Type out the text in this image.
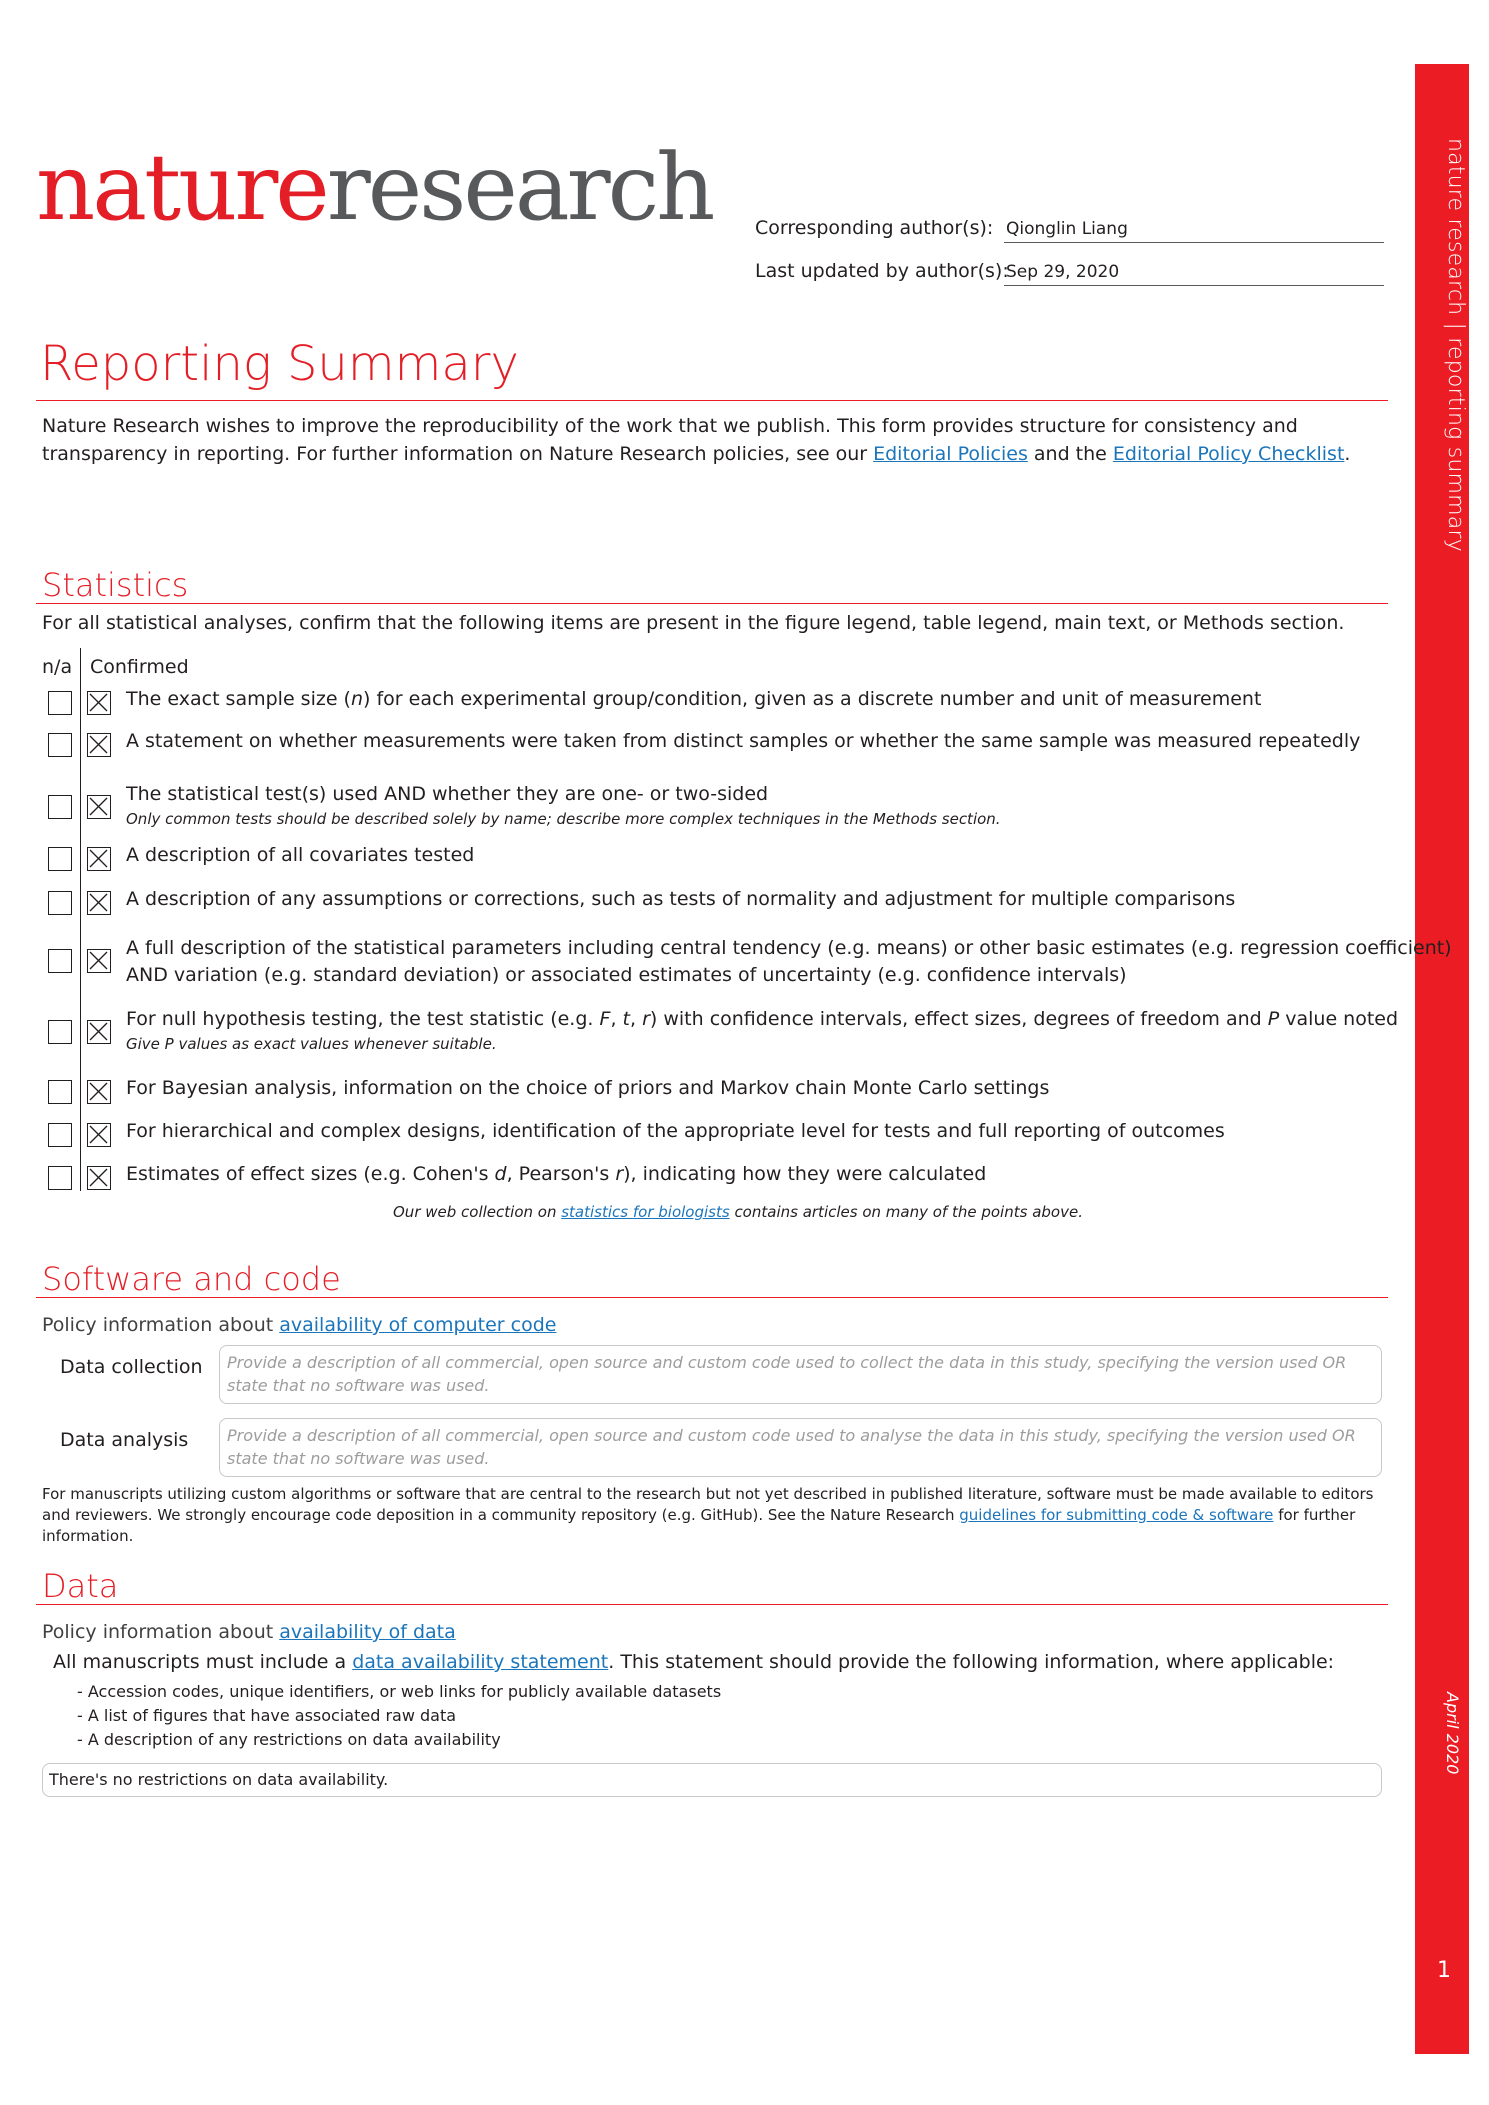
nature research | reporting summary
April 2020
1
natureresearch Corresponding author(s): Qionglin Liang
Last updated by author(s):
Sep 29, 2020
Reporting Summary
Nature Research wishes to improve the reproducibility of the work that we publish. This form provides structure for consistency and transparency in reporting. For further information on Nature Research policies, see our Editorial Policies and the Editorial Policy Checklist.
Statistics
For all statistical analyses, confirm that the following items are present in the figure legend, table legend, main text, or Methods section.
n/a Confirmed
The exact sample size (n) for each experimental group/condition, given as a discrete number and unit of measurement
A statement on whether measurements were taken from distinct samples or whether the same sample was measured repeatedly
The statistical test(s) used AND whether they are one- or two-sided
Only common tests should be described solely by name; describe more complex techniques in the Methods section.
A description of all covariates tested
A description of any assumptions or corrections, such as tests of normality and adjustment for multiple comparisons
A full description of the statistical parameters including central tendency (e.g. means) or other basic estimates (e.g. regression coefficient)
AND variation (e.g. standard deviation) or associated estimates of uncertainty (e.g. confidence intervals)
For null hypothesis testing, the test statistic (e.g. F, t, r) with confidence intervals, effect sizes, degrees of freedom and P value noted
Give P values as exact values whenever suitable.
For Bayesian analysis, information on the choice of priors and Markov chain Monte Carlo settings
For hierarchical and complex designs, identification of the appropriate level for tests and full reporting of outcomes
Estimates of effect sizes (e.g. Cohen's d, Pearson's r), indicating how they were calculated
Our web collection on statistics for biologists contains articles on many of the points above.
Software and code
Policy information about availability of computer code
Data collection Provide a description of all commercial, open source and custom code used to collect the data in this study, specifying the version used OR state that no software was used.
Data analysis Provide a description of all commercial, open source and custom code used to analyse the data in this study, specifying the version used OR state that no software was used.
For manuscripts utilizing custom algorithms or software that are central to the research but not yet described in published literature, software must be made available to editors and reviewers. We strongly encourage code deposition in a community repository (e.g. GitHub). See the Nature Research guidelines for submitting code & software for further information.
Data
Policy information about availability of data
All manuscripts must include a data availability statement. This statement should provide the following information, where applicable:
- Accession codes, unique identifiers, or web links for publicly available datasets
- A list of figures that have associated raw data
- A description of any restrictions on data availability
There's no restrictions on data availability.
